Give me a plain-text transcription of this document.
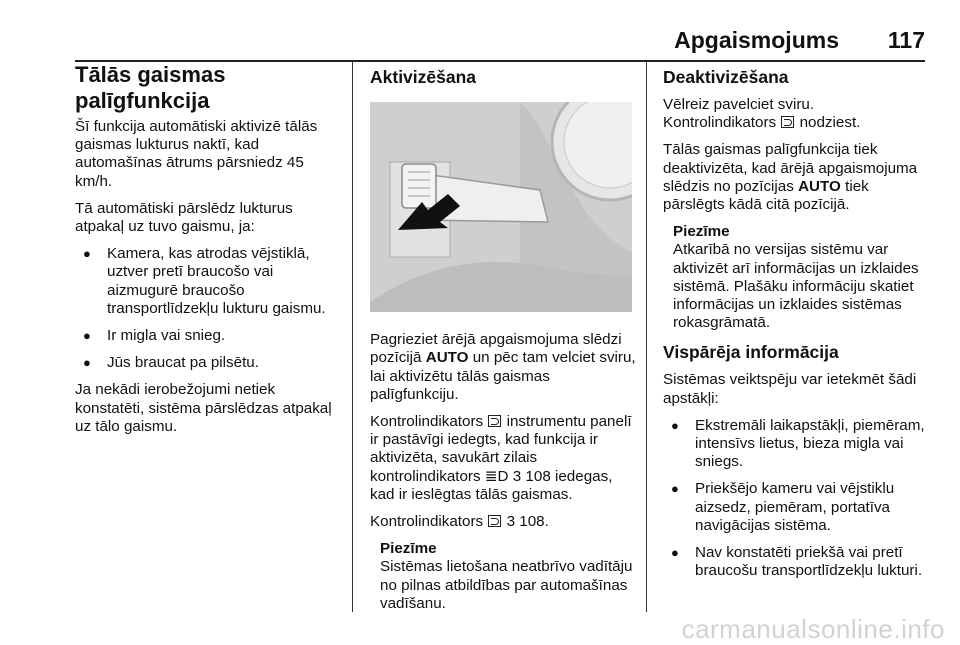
Apgaismojums 117
Tālās gaismas palīgfunkcija

Šī funkcija automātiski aktivizē tālās gaismas lukturus naktī, kad automašīnas ātrums pārsniedz 45 km/h.

Tā automātiski pārslēdz lukturus atpakaļ uz tuvo gaismu, ja:

● Kamera, kas atrodas vējstiklā, uztver pretī braucošo vai aizmugurē braucošo transportlīdzekļu lukturu gaismu.
● Ir migla vai snieg.
● Jūs braucat pa pilsētu.

Ja nekādi ierobežojumi netiek konstatēti, sistēma pārslēdzas atpakaļ uz tālo gaismu.

Aktivizēšana

Pagrieziet ārējā apgaismojuma slēdzi pozīcijā AUTO un pēc tam velciet sviru, lai aktivizētu tālās gaismas palīgfunkciju.

Kontrolindikators instrumentu panelī ir pastāvīgi iedegts, kad funkcija ir aktivizēta, savukārt zilais kontrolindikators ≣D 3 108 iedegas, kad ir ieslēgtas tālās gaismas.

Kontrolindikators 3 108.

Piezīme
Sistēmas lietošana neatbrīvo vadītāju no pilnas atbildības par automašīnas vadīšanu.
Deaktivizēšana

Vēlreiz pavelciet sviru. Kontrolindikators nodziest.

Tālās gaismas palīgfunkcija tiek deaktivizēta, kad ārējā apgaismojuma slēdzis no pozīcijas AUTO tiek pārslēgts kādā citā pozīcijā.

Piezīme
Atkarībā no versijas sistēmu var aktivizēt arī informācijas un izklaides sistēmā. Plašāku informāciju skatiet informācijas un izklaides sistēmas rokasgrāmatā.
Vispārēja informācija

Sistēmas veiktspēju var ietekmēt šādi apstākļi:

● Ekstremāli laikapstākļi, piemēram, intensīvs lietus, bieza migla vai sniegs.
● Priekšējo kameru vai vējstiklu aizsedz, piemēram, portatīva navigācijas sistēma.
● Nav konstatēti priekšā vai pretī braucošu transportlīdzekļu lukturi.
carmanualsonline.info
